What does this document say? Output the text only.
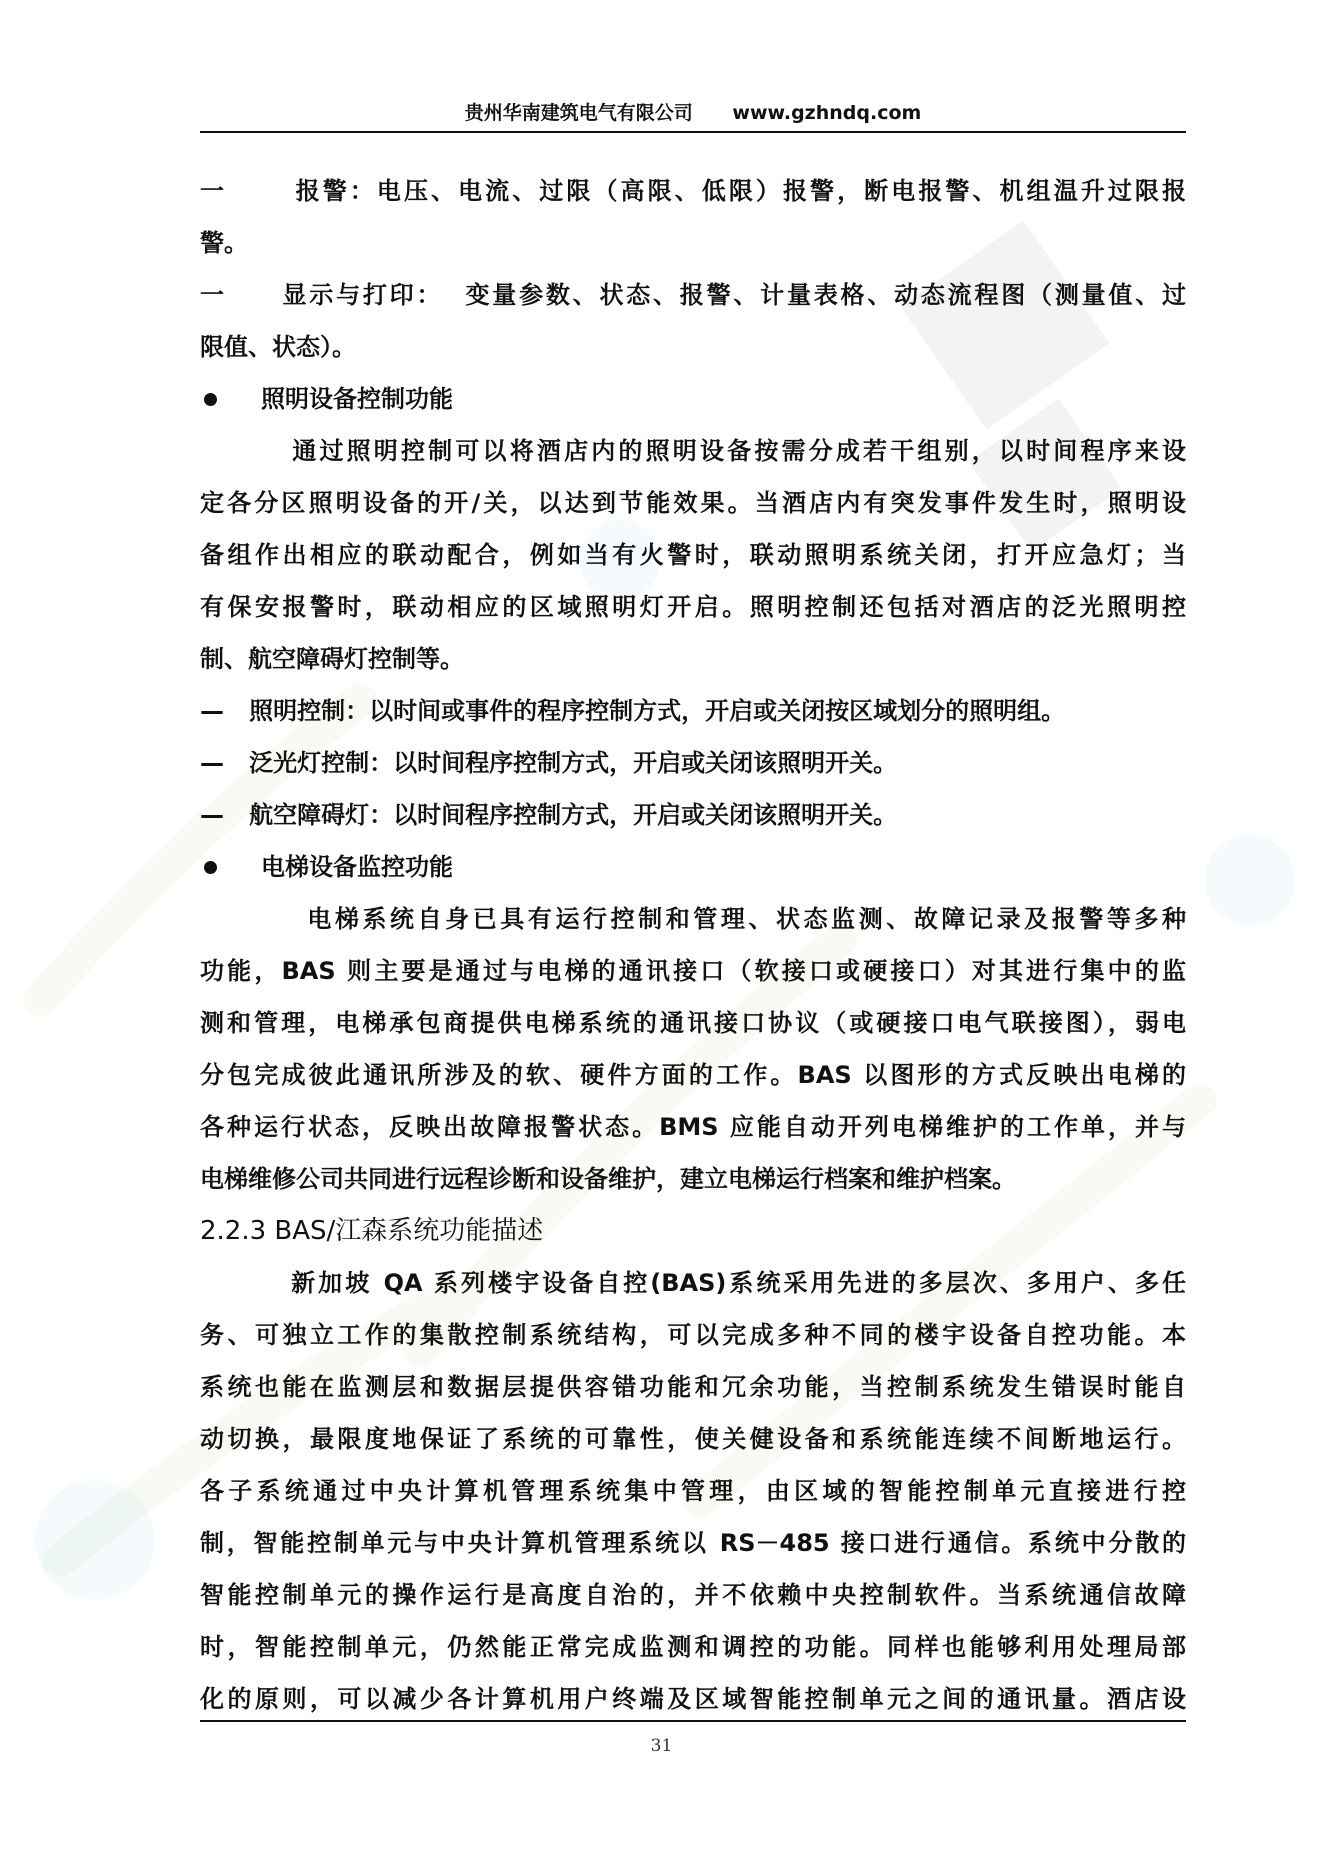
贵州华南建筑电气有限公司 www.gzhndq.com
一      报警：电压、电流、过限（高限、低限）报警，断电报警、机组温升过限报
警。
一     显示与打印：  变量参数、状态、报警、计量表格、动态流程图（测量值、过
限值、状态）。
照明设备控制功能
通过照明控制可以将酒店内的照明设备按需分成若干组别，以时间程序来设
定各分区照明设备的开/关，以达到节能效果。当酒店内有突发事件发生时，照明设
备组作出相应的联动配合，例如当有火警时，联动照明系统关闭，打开应急灯；当
有保安报警时，联动相应的区域照明灯开启。照明控制还包括对酒店的泛光照明控
制、航空障碍灯控制等。
—   照明控制：以时间或事件的程序控制方式，开启或关闭按区域划分的照明组。
—   泛光灯控制：以时间程序控制方式，开启或关闭该照明开关。
—   航空障碍灯：以时间程序控制方式，开启或关闭该照明开关。
电梯设备监控功能
电梯系统自身已具有运行控制和管理、状态监测、故障记录及报警等多种
功能，BAS 则主要是通过与电梯的通讯接口（软接口或硬接口）对其进行集中的监
测和管理，电梯承包商提供电梯系统的通讯接口协议（或硬接口电气联接图），弱电
分包完成彼此通讯所涉及的软、硬件方面的工作。BAS 以图形的方式反映出电梯的
各种运行状态，反映出故障报警状态。BMS 应能自动开列电梯维护的工作单，并与
电梯维修公司共同进行远程诊断和设备维护，建立电梯运行档案和维护档案。
2.2.3 BAS/江森系统功能描述
新加坡 QA 系列楼宇设备自控(BAS)系统采用先进的多层次、多用户、多任
务、可独立工作的集散控制系统结构，可以完成多种不同的楼宇设备自控功能。本
系统也能在监测层和数据层提供容错功能和冗余功能，当控制系统发生错误时能自
动切换，最限度地保证了系统的可靠性，使关健设备和系统能连续不间断地运行。
各子系统通过中央计算机管理系统集中管理，由区域的智能控制单元直接进行控
制，智能控制单元与中央计算机管理系统以 RS－485 接口进行通信。系统中分散的
智能控制单元的操作运行是高度自治的，并不依赖中央控制软件。当系统通信故障
时，智能控制单元，仍然能正常完成监测和调控的功能。同样也能够利用处理局部
化的原则，可以减少各计算机用户终端及区域智能控制单元之间的通讯量。酒店设
31
